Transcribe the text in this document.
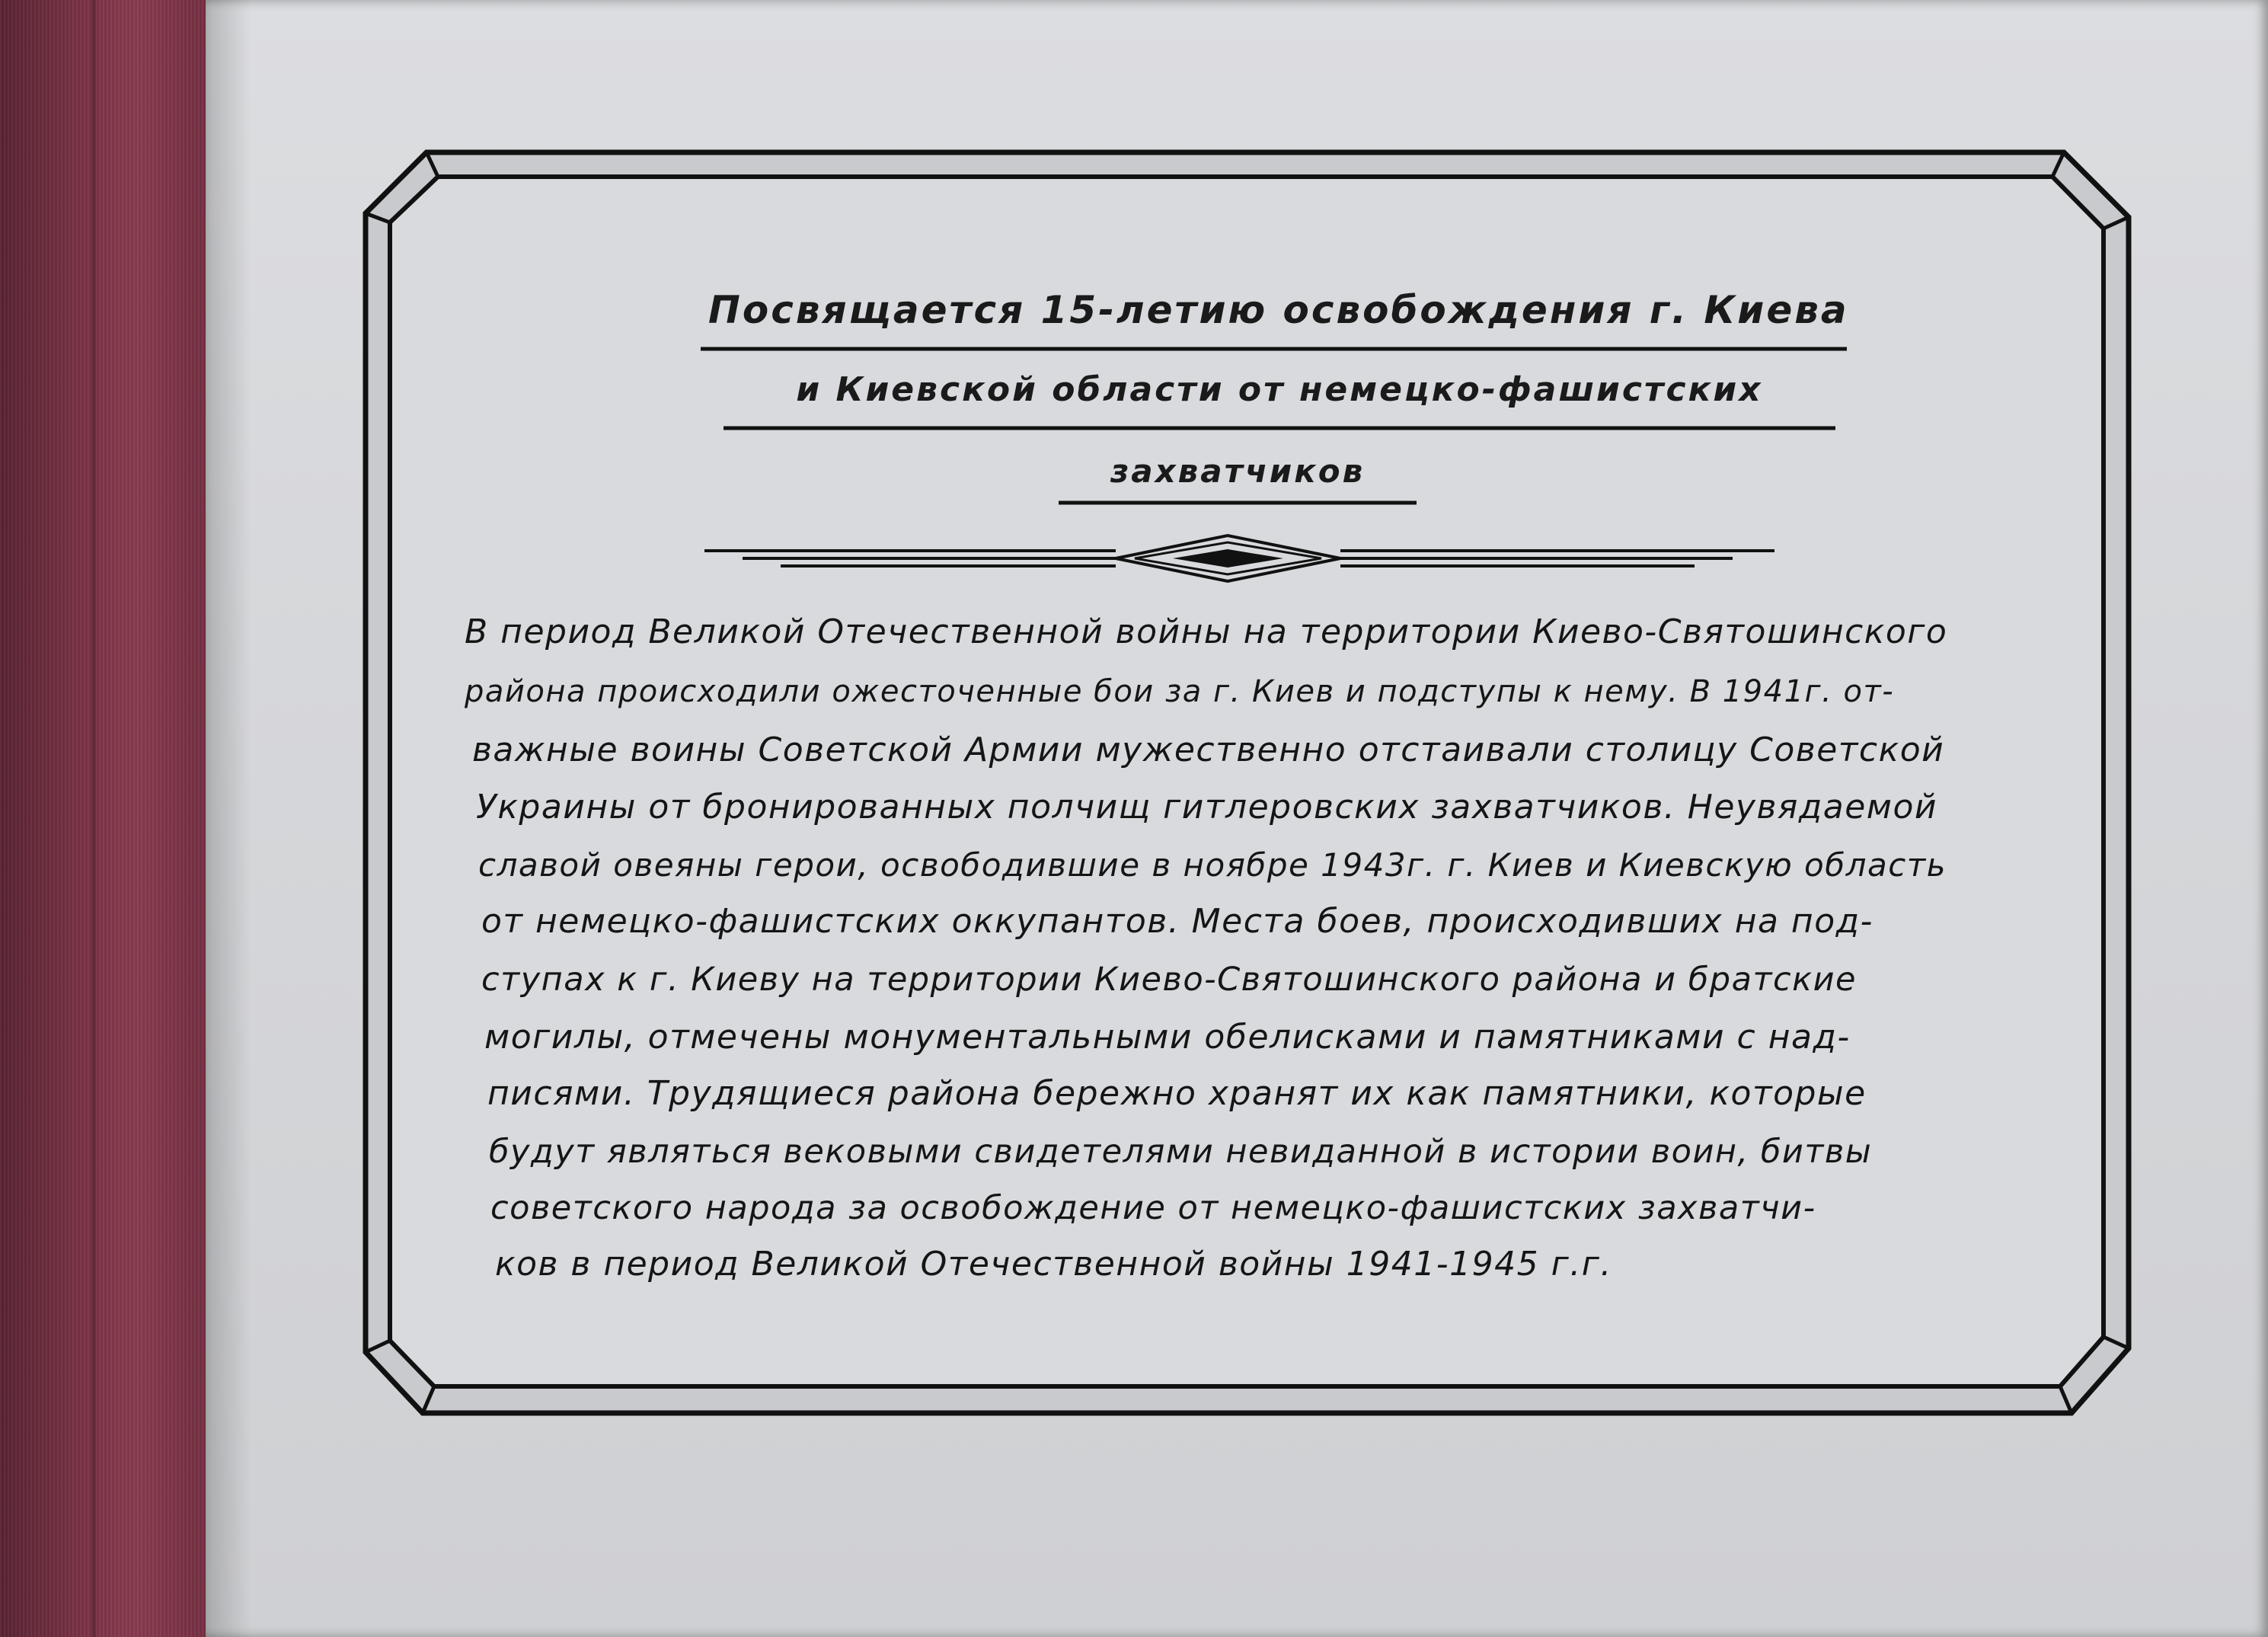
Посвящается 15-летию освобождения г. Киева
и Киевской области от немецко-фашистских
захватчиков
В период Великой Отечественной войны на территории Киево-Святошинского
района происходили ожесточенные бои за г. Киев и подступы к нему. В 1941г. от-
важные воины Советской Армии мужественно отстаивали столицу Советской
Украины от бронированных полчищ гитлеровских захватчиков. Неувядаемой
славой овеяны герои, освободившие в ноябре 1943г. г. Киев и Киевскую область
от немецко-фашистских оккупантов. Места боев, происходивших на под-
ступах к г. Киеву на территории Киево-Святошинского района и братские
могилы, отмечены монументальными обелисками и памятниками с над-
писями. Трудящиеся района бережно хранят их как памятники, которые
будут являться вековыми свидетелями невиданной в истории воин, битвы
советского народа за освобождение от немецко-фашистских захватчи-
ков в период Великой Отечественной войны 1941-1945 г.г.
